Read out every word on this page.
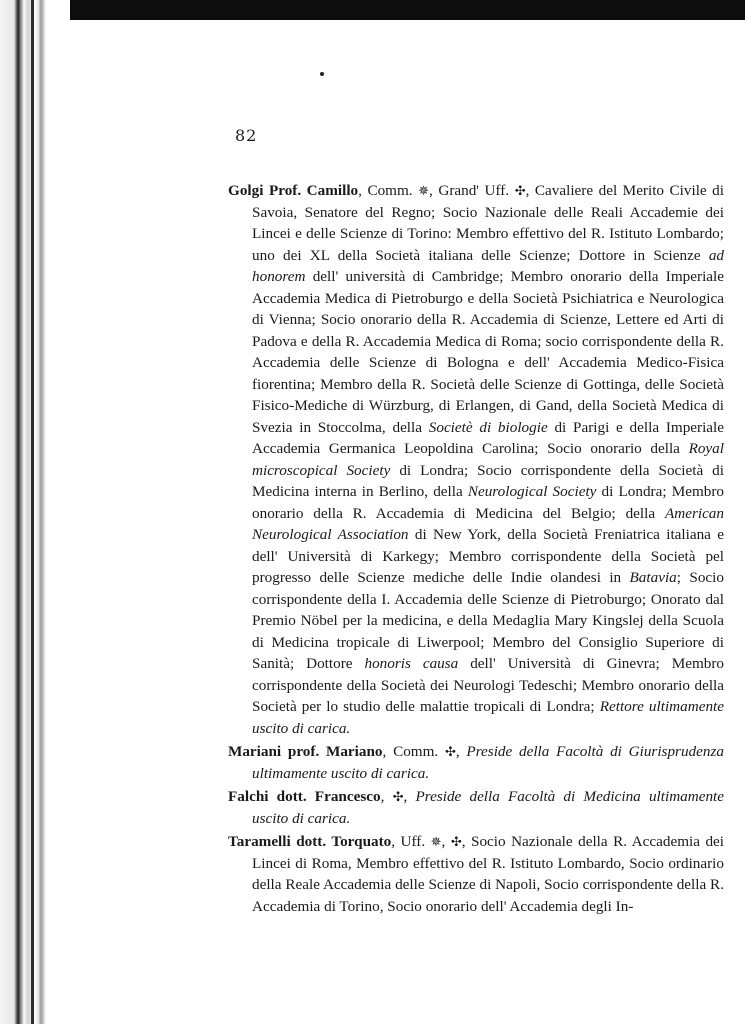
82

Golgi Prof. Camillo, Comm. ✵, Grand' Uff. ✣, Cavaliere del Merito Civile di Savoia, Senatore del Regno; Socio Nazionale delle Reali Accademie dei Lincei e delle Scienze di Torino: Membro effettivo del R. Istituto Lombardo; uno dei XL della Società italiana delle Scienze; Dottore in Scienze ad honorem dell' università di Cambridge; Membro onorario della Imperiale Accademia Medica di Pietroburgo e della Società Psichiatrica e Neurologica di Vienna; Socio onorario della R. Accademia di Scienze, Lettere ed Arti di Padova e della R. Accademia Medica di Roma; socio corrispondente della R. Accademia delle Scienze di Bologna e dell' Accademia Medico-Fisica fiorentina; Membro della R. Società delle Scienze di Gottinga, delle Società Fisico-Mediche di Würzburg, di Erlangen, di Gand, della Società Medica di Svezia in Stoccolma, della Societè di biologie di Parigi e della Imperiale Accademia Germanica Leopoldina Carolina; Socio onorario della Royal microscopical Society di Londra; Socio corrispondente della Società di Medicina interna in Berlino, della Neurological Society di Londra; Membro onorario della R. Accademia di Medicina del Belgio; della American Neurological Association di New York, della Società Freniatrica italiana e dell' Università di Karkegy; Membro corrispondente della Società pel progresso delle Scienze mediche delle Indie olandesi in Batavia; Socio corrispondente della I. Accademia delle Scienze di Pietroburgo; Onorato dal Premio Nöbel per la medicina, e della Medaglia Mary Kingslej della Scuola di Medicina tropicale di Liwerpool; Membro del Consiglio Superiore di Sanità; Dottore honoris causa dell' Università di Ginevra; Membro corrispondente della Società dei Neurologi Tedeschi; Membro onorario della Società per lo studio delle malattie tropicali di Londra; Rettore ultimamente uscito di carica.

Mariani prof. Mariano, Comm. ✣, Preside della Facoltà di Giurisprudenza ultimamente uscito di carica.

Falchi dott. Francesco, ✣, Preside della Facoltà di Medicina ultimamente uscito di carica.

Taramelli dott. Torquato, Uff. ✵, ✣, Socio Nazionale della R. Accademia dei Lincei di Roma, Membro effettivo del R. Istituto Lombardo, Socio ordinario della Reale Accademia delle Scienze di Napoli, Socio corrispondente della R. Accademia di Torino, Socio onorario dell' Accademia degli In-
